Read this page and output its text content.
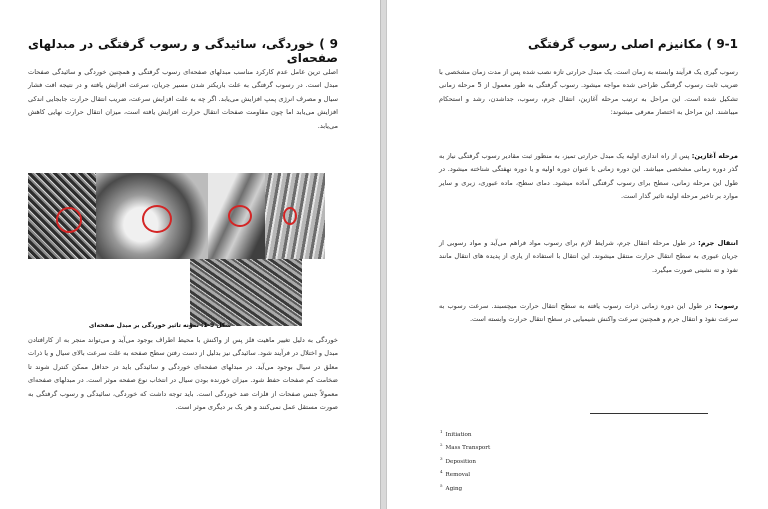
9 ) خوردگی، سائیدگی و رسوب گرفتگی در مبدلهای صفحه‌ای

اصلی ترین عامل عدم کارکرد مناسب مبدلهای صفحه‌ای رسوب گرفتگی و همچنین خوردگی و سائیدگی صفحات مبدل است. در رسوب گرفتگی به علت باریکتر شدن مسیر جریان، سرعت افزایش یافته و در نتیجه افت فشار سیال و مصرف انرژی پمپ افزایش می‌یابد. اگر چه به علت افزایش سرعت، ضریب انتقال حرارت جابجایی اندکی افزایش می‌یابد اما چون مقاومت صفحات انتقال حرارت افزایش یافته است، میزان انتقال حرارت نهایی کاهش می‌یابد.

شکل 9-1: نمونه تاثیر خوردگی بر مبدل صفحه‌ای

خوردگی به دلیل تغییر ماهیت فلز پس از واکنش با محیط اطراف بوجود می‌آید و می‌تواند منجر به از کارافتادن مبدل و اختلال در فرآیند شود. سائیدگی نیز بدلیل از دست رفتن سطح صفحه به علت سرعت بالای سیال و یا ذرات معلق در سیال بوجود می‌آید. در مبدلهای صفحه‌ای خوردگی و سائیدگی باید در حداقل ممکن کنترل شوند تا ضخامت کم صفحات حفظ شود. میزان خورنده بودن سیال در انتخاب نوع صفحه موثر است. در مبدلهای صفحه‌ای معمولاً جنس صفحات از فلزات ضد خوردگی است. باید توجه داشت که خوردگی، سائیدگی و رسوب گرفتگی به صورت مستقل عمل نمی‌کنند و هر یک بر دیگری موثر است.

9-1 ) مکانیزم اصلی رسوب گرفتگی

رسوب گیری یک فرآیند وابسته به زمان است. یک مبدل حرارتی تازه نصب شده پس از مدت زمان مشخصی با ضریب ثابت رسوب گرفتگی طراحی شده مواجه میشود. رسوب گرفتگی به طور معمول از 5 مرحله زمانی تشکیل شده است. این مراحل به ترتیب مرحله آغازین، انتقال جرم، رسوب، جداشدن، رشد و استحکام میباشند. این مراحل به اختصار معرفی میشوند:

مرحله آغازین: پس از راه اندازی اولیه یک مبدل حرارتی تمیز، به منظور ثبت مقادیر رسوب گرفتگی نیاز به گذر دوره زمانی مشخصی میباشد. این دوره زمانی با عنوان دوره اولیه و یا دوره نهفتگی شناخته میشود. در طول این مرحله زمانی، سطح برای رسوب گرفتگی آماده میشود. دمای سطح، ماده عبوری، زبری و سایر موارد بر تاخیر مرحله اولیه تاثیر گذار است.

انتقال جرم: در طول مرحله انتقال جرم، شرایط لازم برای رسوب مواد فراهم می‌آید و مواد رسوبی از جریان عبوری به سطح انتقال حرارت منتقل میشوند. این انتقال با استفاده از یاری از پدیده های انتقال مانند نفوذ و ته نشینی صورت میگیرد.

رسوب: در طول این دوره زمانی ذرات رسوب یافته به سطح انتقال حرارت میچسبند. سرعت رسوب به سرعت نفوذ و انتقال جرم و همچنین سرعت واکنش شیمیایی در سطح انتقال حرارت وابسته است.

$^1$Initiation
$^2$Mass Transport
$^3$Deposition
$^4$Removal
$^5$Aging
